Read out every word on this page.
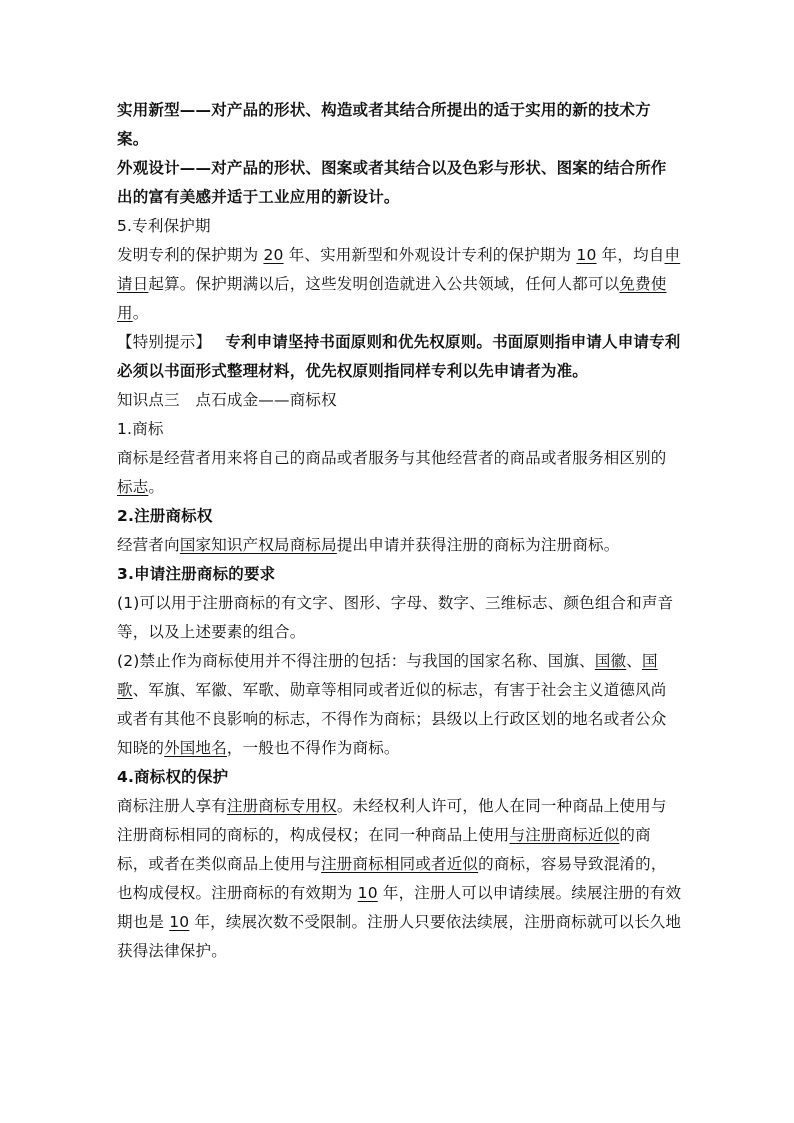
实用新型——对产品的形状、构造或者其结合所提出的适于实用的新的技术方案。

外观设计——对产品的形状、图案或者其结合以及色彩与形状、图案的结合所作出的富有美感并适于工业应用的新设计。

5.专利保护期

发明专利的保护期为 20 年、实用新型和外观设计专利的保护期为 10 年，均自申请日起算。保护期满以后，这些发明创造就进入公共领域，任何人都可以免费使用。

【特别提示】 专利申请坚持书面原则和优先权原则。书面原则指申请人申请专利必须以书面形式整理材料，优先权原则指同样专利以先申请者为准。

知识点三　点石成金——商标权

1.商标

商标是经营者用来将自己的商品或者服务与其他经营者的商品或者服务相区别的标志。

2.注册商标权

经营者向国家知识产权局商标局提出申请并获得注册的商标为注册商标。

3.申请注册商标的要求

(1)可以用于注册商标的有文字、图形、字母、数字、三维标志、颜色组合和声音等，以及上述要素的组合。

(2)禁止作为商标使用并不得注册的包括：与我国的国家名称、国旗、国徽、国歌、军旗、军徽、军歌、勋章等相同或者近似的标志，有害于社会主义道德风尚或者有其他不良影响的标志，不得作为商标；县级以上行政区划的地名或者公众知晓的外国地名，一般也不得作为商标。

4.商标权的保护

商标注册人享有注册商标专用权。未经权利人许可，他人在同一种商品上使用与注册商标相同的商标的，构成侵权；在同一种商品上使用与注册商标近似的商标，或者在类似商品上使用与注册商标相同或者近似的商标，容易导致混淆的，也构成侵权。注册商标的有效期为 10 年，注册人可以申请续展。续展注册的有效期也是 10 年，续展次数不受限制。注册人只要依法续展，注册商标就可以长久地获得法律保护。
